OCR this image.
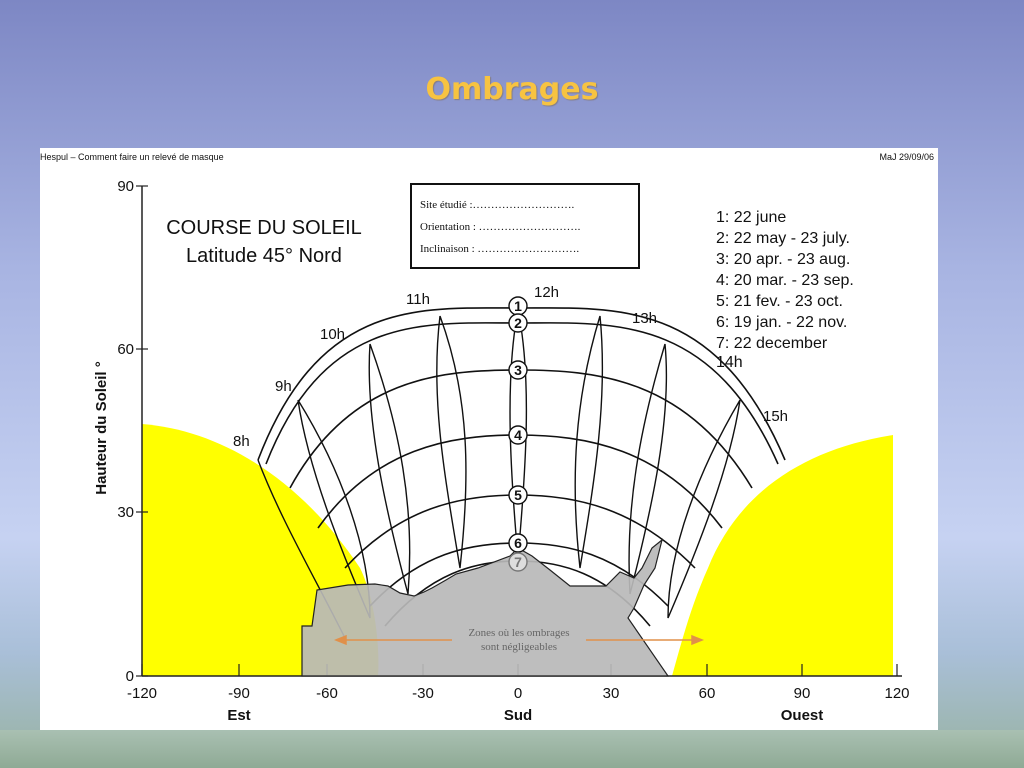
Ombrages
Hespul – Comment faire un relevé de masque	MaJ 29/09/06
1
2
3
4
5
6
7
8h
9h
10h
11h	12h
13h
15h
90
60
30
0
-120	-90	-60	-30	0	30	60	90	120
Est	Sud	Ouest
Hauteur du Soleil °
COURSE DU SOLEIL
Latitude 45° Nord
Site étudié :……………………….
Orientation : ……………………….
Inclinaison : ……………………….
1: 22 june
2: 22 may - 23 july.
3: 20 apr. - 23 aug.
4: 20 mar. - 23 sep.
5: 21 fev. - 23 oct.
6: 19 jan. - 22 nov.
7: 22 december
14h
Zones où les ombrages
sont négligeables
